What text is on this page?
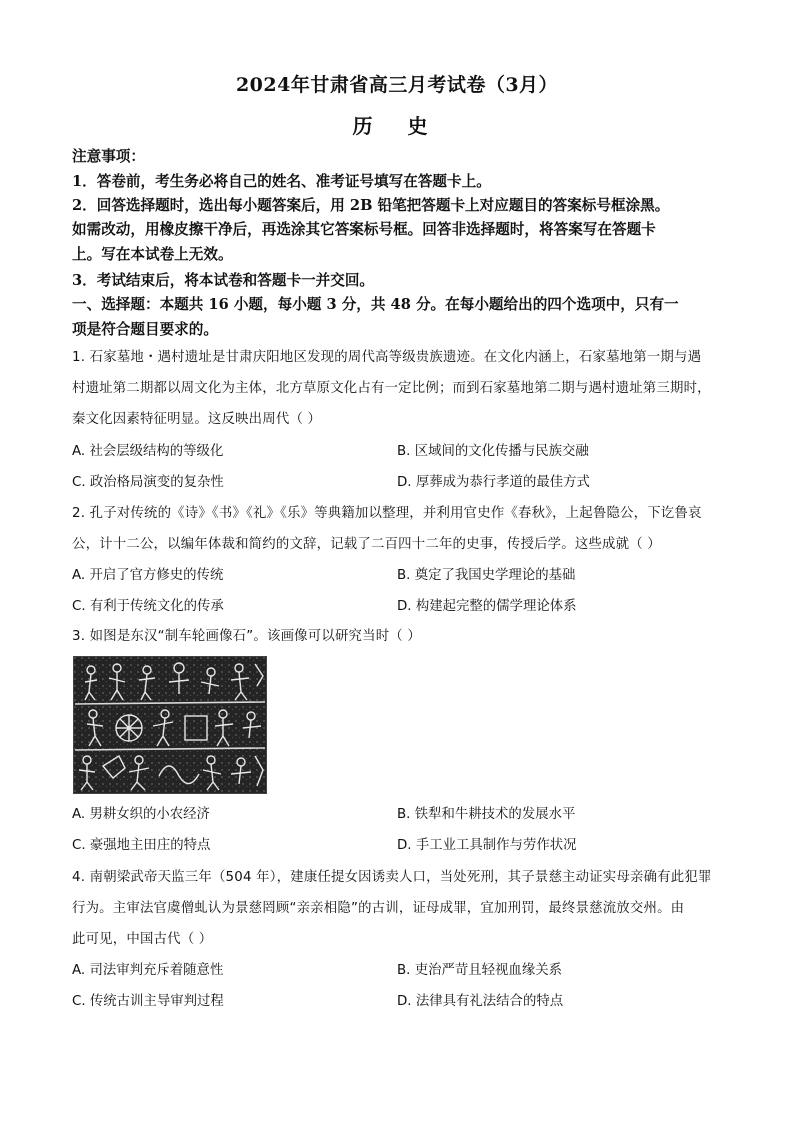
2024年甘肃省高三月考试卷（3月）
历 史
注意事项：
1．答卷前，考生务必将自己的姓名、准考证号填写在答题卡上。
2．回答选择题时，选出每小题答案后，用 2B 铅笔把答题卡上对应题目的答案标号框涂黑。
如需改动，用橡皮擦干净后，再选涂其它答案标号框。回答非选择题时，将答案写在答题卡
上。写在本试卷上无效。
3．考试结束后，将本试卷和答题卡一并交回。
一、选择题：本题共 16 小题，每小题 3 分，共 48 分。在每小题给出的四个选项中，只有一
项是符合题目要求的。
1. 石家墓地・遇村遗址是甘肃庆阳地区发现的周代高等级贵族遗迹。在文化内涵上，石家墓地第一期与遇
村遗址第二期都以周文化为主体，北方草原文化占有一定比例；而到石家墓地第二期与遇村遗址第三期时，
秦文化因素特征明显。这反映出周代（ ）
A. 社会层级结构的等级化	B. 区域间的文化传播与民族交融
C. 政治格局演变的复杂性	D. 厚葬成为恭行孝道的最佳方式
2. 孔子对传统的《诗》《书》《礼》《乐》等典籍加以整理，并利用官史作《春秋》，上起鲁隐公，下讫鲁哀
公，计十二公，以编年体裁和简约的文辞，记载了二百四十二年的史事，传授后学。这些成就（ ）
A. 开启了官方修史的传统	B. 奠定了我国史学理论的基础
C. 有利于传统文化的传承	D. 构建起完整的儒学理论体系
3. 如图是东汉“制车轮画像石”。该画像可以研究当时（ ）
A. 男耕女织的小农经济	B. 铁犁和牛耕技术的发展水平
C. 豪强地主田庄的特点	D. 手工业工具制作与劳作状况
4. 南朝梁武帝天监三年（504 年），建康任提女因诱卖人口，当处死刑，其子景慈主动证实母亲确有此犯罪
行为。主审法官虞僧虬认为景慈罔顾“亲亲相隐”的古训，证母成罪，宜加刑罚，最终景慈流放交州。由
此可见，中国古代（ ）
A. 司法审判充斥着随意性	B. 吏治严苛且轻视血缘关系
C. 传统古训主导审判过程	D. 法律具有礼法结合的特点
